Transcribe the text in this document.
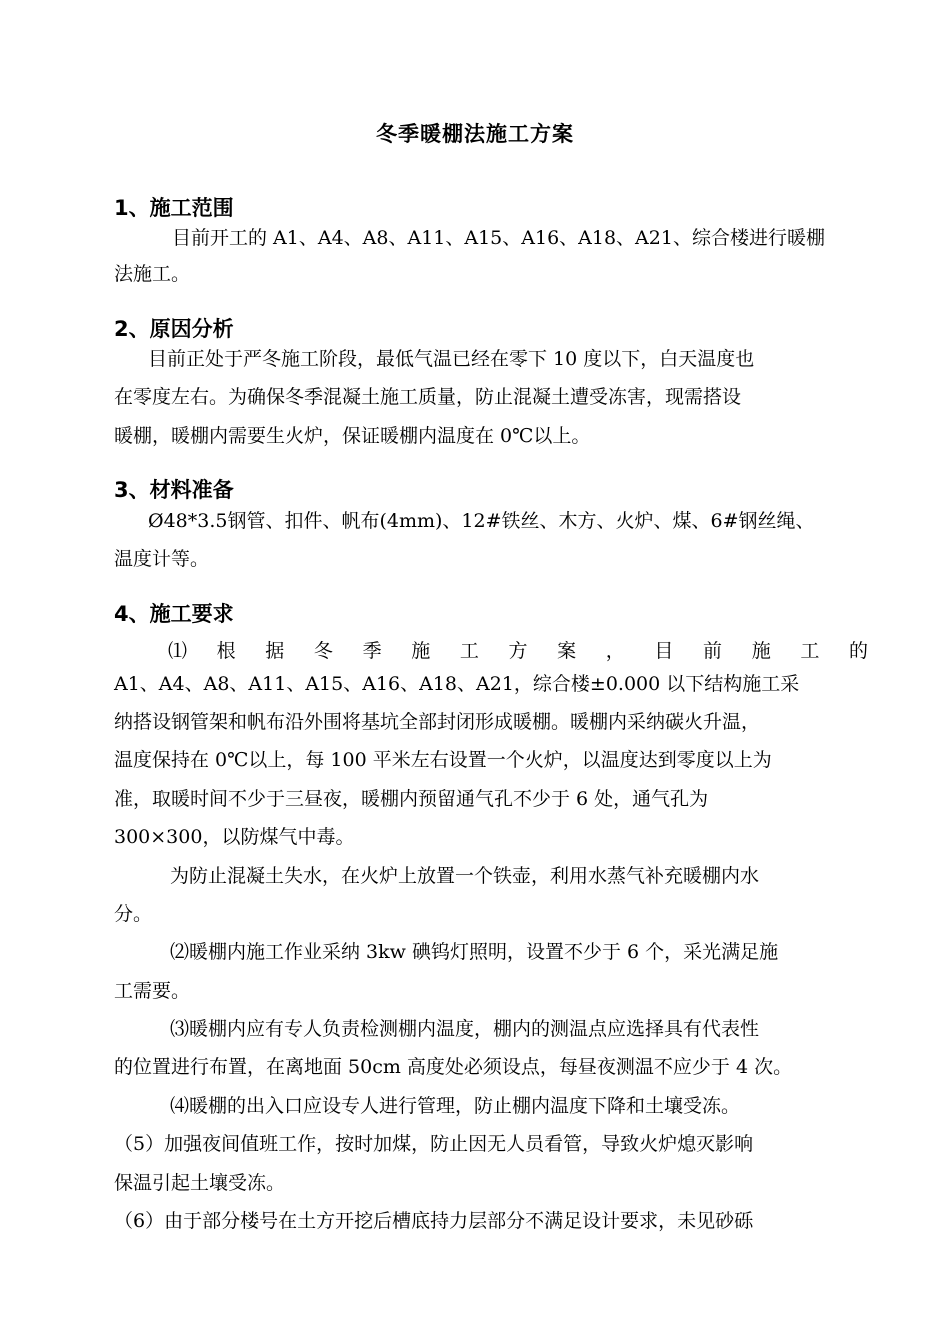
冬季暖棚法施工方案
1、施工范围
目前开工的 A1、A4、A8、A11、A15、A16、A18、A21、综合楼进行暖棚
法施工。
2、原因分析
目前正处于严冬施工阶段，最低气温已经在零下 10 度以下，白天温度也
在零度左右。为确保冬季混凝土施工质量，防止混凝土遭受冻害，现需搭设
暖棚，暖棚内需要生火炉，保证暖棚内温度在 0℃以上。
3、材料准备
Ø48*3.5钢管、扣件、帆布(4mm)、12#铁丝、木方、火炉、煤、6#钢丝绳、
温度计等。
4、施工要求
⑴ 根 据 冬 季 施 工 方 案 ， 目 前 施 工 的
A1、A4、A8、A11、A15、A16、A18、A21，综合楼±0.000 以下结构施工采
纳搭设钢管架和帆布沿外围将基坑全部封闭形成暖棚。暖棚内采纳碳火升温，
温度保持在 0℃以上，每 100 平米左右设置一个火炉，以温度达到零度以上为
准，取暖时间不少于三昼夜，暖棚内预留通气孔不少于 6 处，通气孔为
300×300，以防煤气中毒。
为防止混凝土失水，在火炉上放置一个铁壶，利用水蒸气补充暖棚内水
分。
⑵暖棚内施工作业采纳 3kw 碘钨灯照明，设置不少于 6 个，采光满足施
工需要。
⑶暖棚内应有专人负责检测棚内温度，棚内的测温点应选择具有代表性
的位置进行布置，在离地面 50cm 高度处必须设点，每昼夜测温不应少于 4 次。
⑷暖棚的出入口应设专人进行管理，防止棚内温度下降和土壤受冻。
（5）加强夜间值班工作，按时加煤，防止因无人员看管，导致火炉熄灭影响
保温引起土壤受冻。
（6）由于部分楼号在土方开挖后槽底持力层部分不满足设计要求，未见砂砾
